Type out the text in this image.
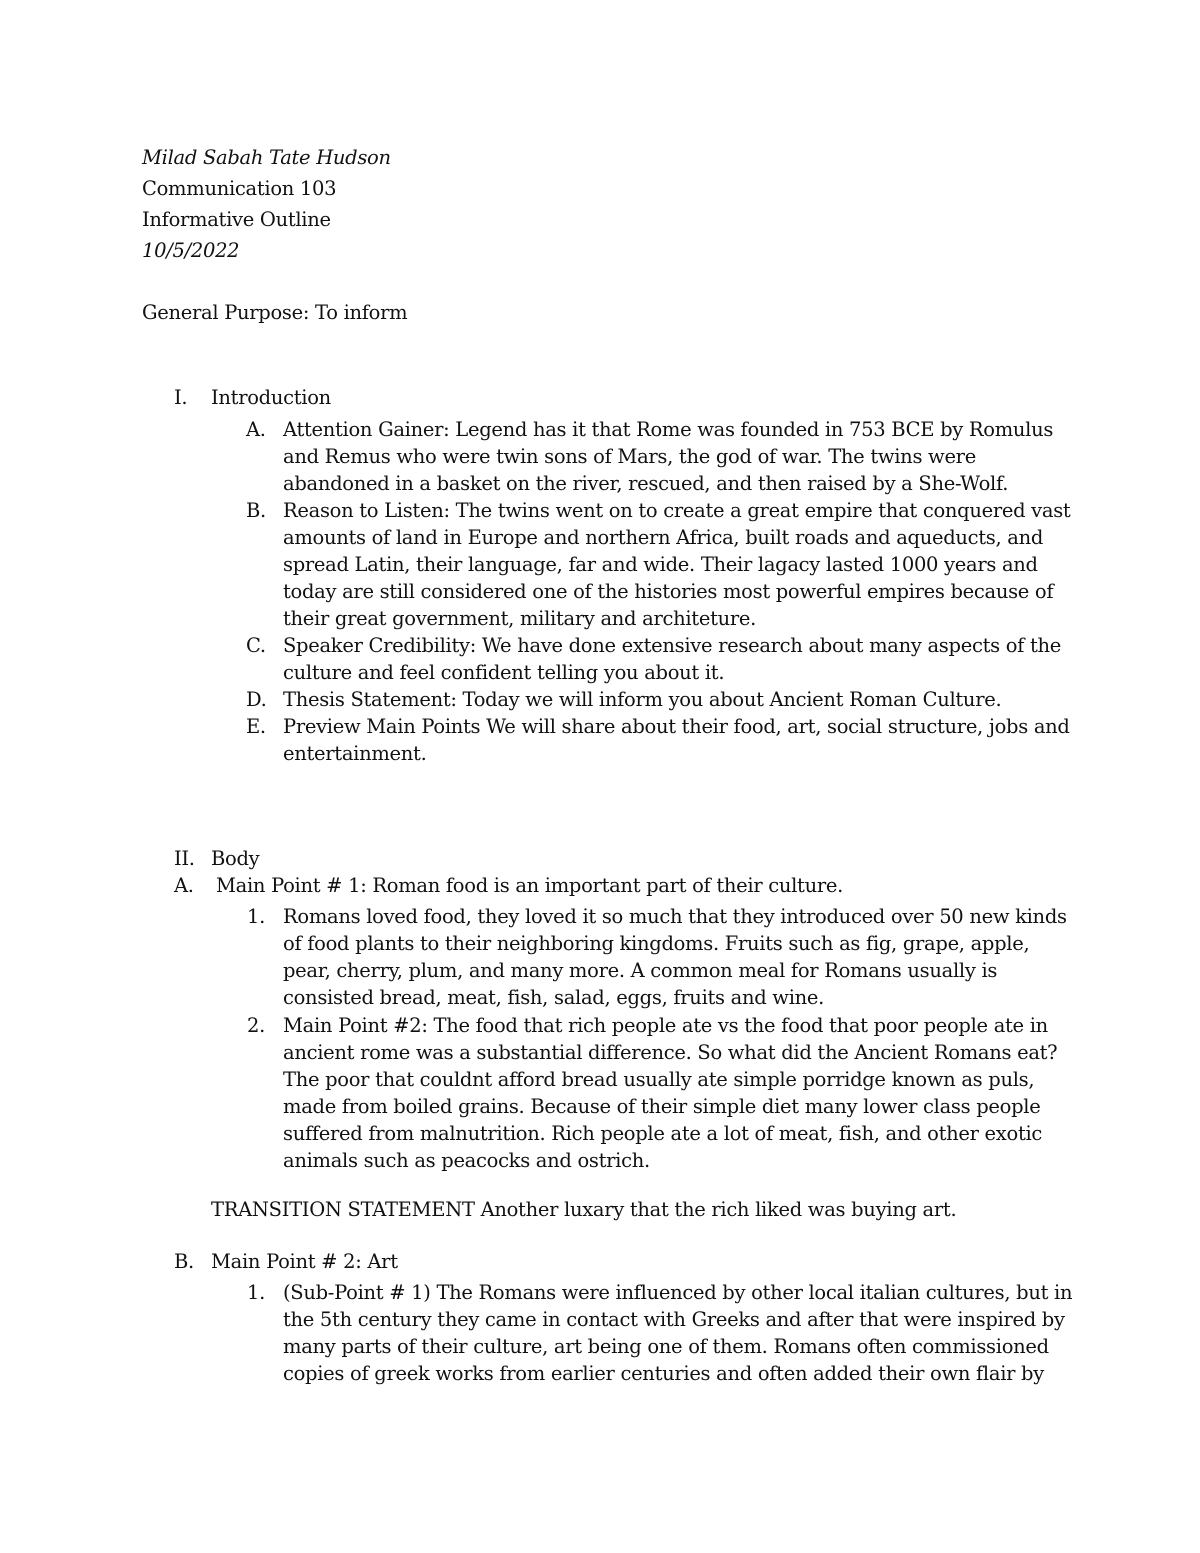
Milad Sabah Tate Hudson
Communication 103
Informative Outline
10/5/2022
General Purpose: To inform
I. Introduction
A. Attention Gainer: Legend has it that Rome was founded in 753 BCE by Romulus
and Remus who were twin sons of Mars, the god of war. The twins were
abandoned in a basket on the river, rescued, and then raised by a She-Wolf.
B. Reason to Listen: The twins went on to create a great empire that conquered vast
amounts of land in Europe and northern Africa, built roads and aqueducts, and
spread Latin, their language, far and wide. Their lagacy lasted 1000 years and
today are still considered one of the histories most powerful empires because of
their great government, military and architeture.
C. Speaker Credibility: We have done extensive research about many aspects of the
culture and feel confident telling you about it.
D. Thesis Statement: Today we will inform you about Ancient Roman Culture.
E. Preview Main Points We will share about their food, art, social structure, jobs and
entertainment.
II. Body
A. Main Point # 1: Roman food is an important part of their culture.
1. Romans loved food, they loved it so much that they introduced over 50 new kinds
of food plants to their neighboring kingdoms. Fruits such as fig, grape, apple,
pear, cherry, plum, and many more. A common meal for Romans usually is
consisted bread, meat, fish, salad, eggs, fruits and wine.
2. Main Point #2: The food that rich people ate vs the food that poor people ate in
ancient rome was a substantial difference. So what did the Ancient Romans eat?
The poor that couldnt afford bread usually ate simple porridge known as puls,
made from boiled grains. Because of their simple diet many lower class people
suffered from malnutrition. Rich people ate a lot of meat, fish, and other exotic
animals such as peacocks and ostrich.
TRANSITION STATEMENT Another luxary that the rich liked was buying art.
B. Main Point # 2: Art
1. (Sub-Point # 1) The Romans were influenced by other local italian cultures, but in
the 5th century they came in contact with Greeks and after that were inspired by
many parts of their culture, art being one of them. Romans often commissioned
copies of greek works from earlier centuries and often added their own flair by
